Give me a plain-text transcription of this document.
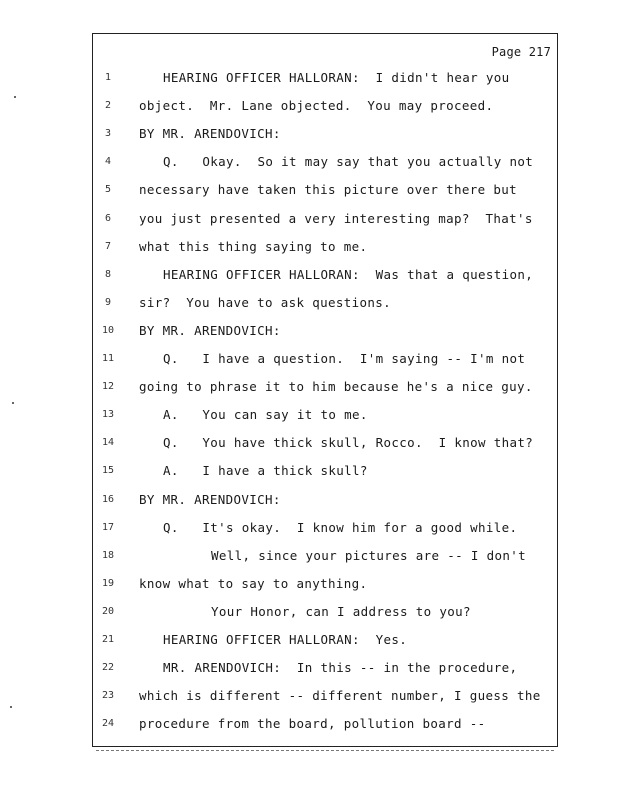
Page 217
1	HEARING OFFICER HALLORAN:  I didn't hear you
2	object.  Mr. Lane objected.  You may proceed.
3	BY MR. ARENDOVICH:
4	Q.   Okay.  So it may say that you actually not
5	necessary have taken this picture over there but
6	you just presented a very interesting map?  That's
7	what this thing saying to me.
8	HEARING OFFICER HALLORAN:  Was that a question,
9	sir?  You have to ask questions.
10	BY MR. ARENDOVICH:
11	Q.   I have a question.  I'm saying -- I'm not
12	going to phrase it to him because he's a nice guy.
13	A.   You can say it to me.
14	Q.   You have thick skull, Rocco.  I know that?
15	A.   I have a thick skull?
16	BY MR. ARENDOVICH:
17	Q.   It's okay.  I know him for a good while.
18	Well, since your pictures are -- I don't
19	know what to say to anything.
20	Your Honor, can I address to you?
21	HEARING OFFICER HALLORAN:  Yes.
22	MR. ARENDOVICH:  In this -- in the procedure,
23	which is different -- different number, I guess the
24	procedure from the board, pollution board --
